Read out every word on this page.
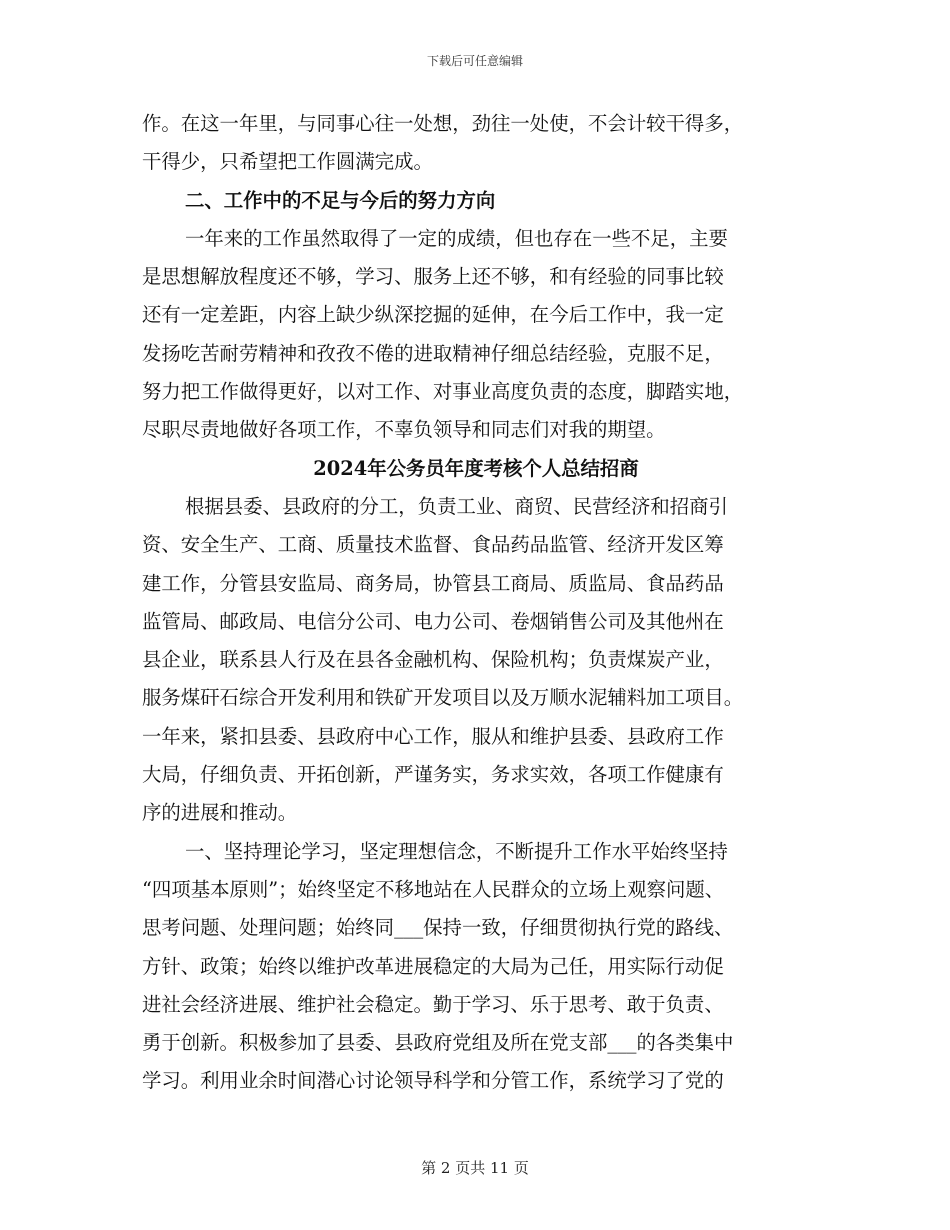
下载后可任意编辑
作。在这一年里，与同事心往一处想，劲往一处使，不会计较干得多，
干得少，只希望把工作圆满完成。
二、工作中的不足与今后的努力方向
一年来的工作虽然取得了一定的成绩，但也存在一些不足，主要
是思想解放程度还不够，学习、服务上还不够，和有经验的同事比较
还有一定差距，内容上缺少纵深挖掘的延伸，在今后工作中，我一定
发扬吃苦耐劳精神和孜孜不倦的进取精神仔细总结经验，克服不足，
努力把工作做得更好，以对工作、对事业高度负责的态度，脚踏实地，
尽职尽责地做好各项工作，不辜负领导和同志们对我的期望。
2024年公务员年度考核个人总结招商
根据县委、县政府的分工，负责工业、商贸、民营经济和招商引
资、安全生产、工商、质量技术监督、食品药品监管、经济开发区筹
建工作，分管县安监局、商务局，协管县工商局、质监局、食品药品
监管局、邮政局、电信分公司、电力公司、卷烟销售公司及其他州在
县企业，联系县人行及在县各金融机构、保险机构；负责煤炭产业，
服务煤矸石综合开发利用和铁矿开发项目以及万顺水泥辅料加工项目。
一年来，紧扣县委、县政府中心工作，服从和维护县委、县政府工作
大局，仔细负责、开拓创新，严谨务实，务求实效，各项工作健康有
序的进展和推动。
一、坚持理论学习，坚定理想信念，不断提升工作水平始终坚持
“四项基本原则”；始终坚定不移地站在人民群众的立场上观察问题、
思考问题、处理问题；始终同___保持一致，仔细贯彻执行党的路线、
方针、政策；始终以维护改革进展稳定的大局为己任，用实际行动促
进社会经济进展、维护社会稳定。勤于学习、乐于思考、敢于负责、
勇于创新。积极参加了县委、县政府党组及所在党支部___的各类集中
学习。利用业余时间潜心讨论领导科学和分管工作，系统学习了党的
第 2 页共 11 页
